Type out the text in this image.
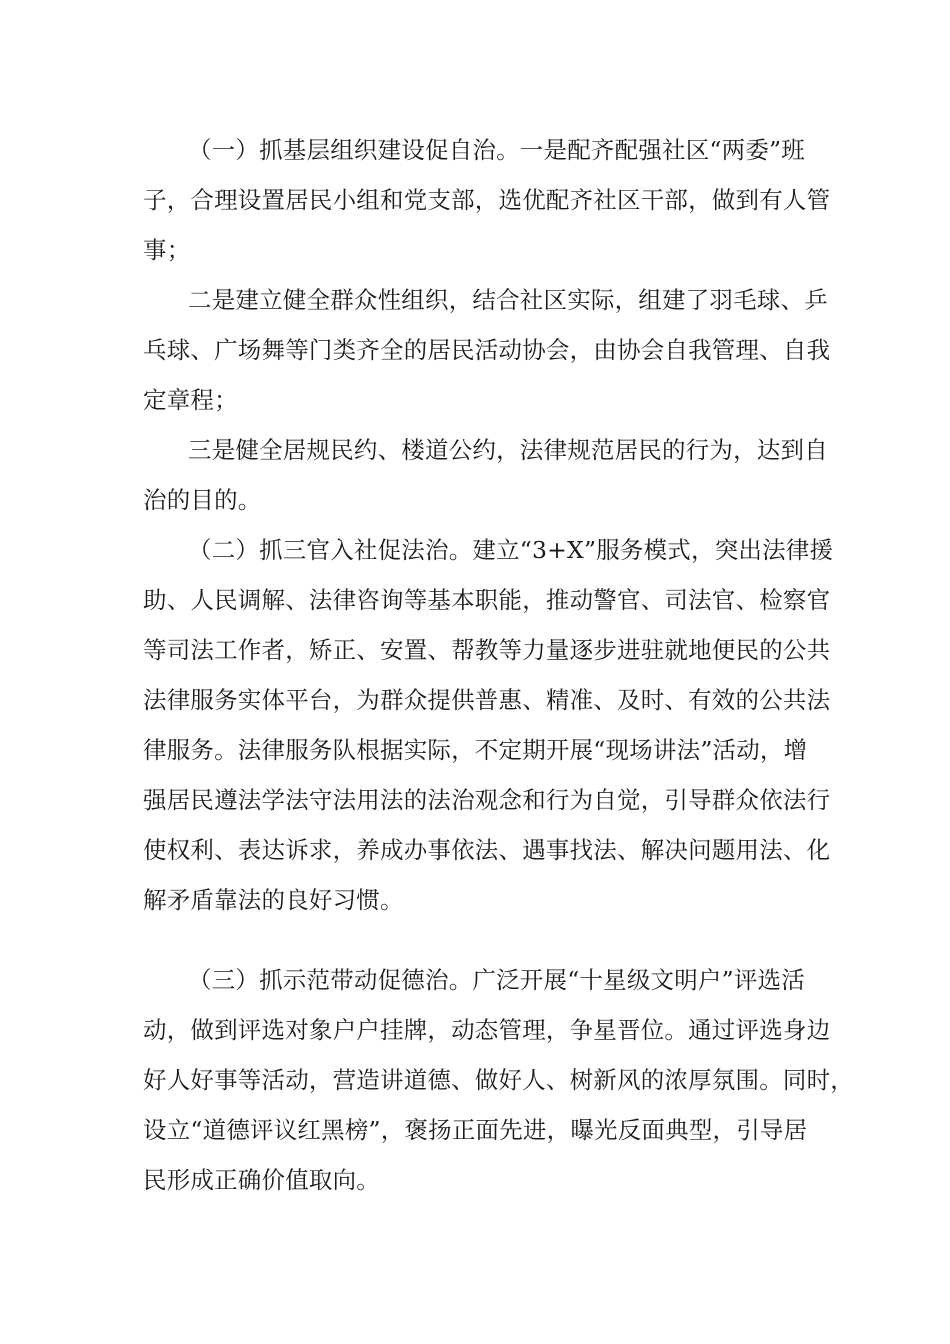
（一）抓基层组织建设促自治。一是配齐配强社区“两委”班
子，合理设置居民小组和党支部，选优配齐社区干部，做到有人管
事；
二是建立健全群众性组织，结合社区实际，组建了羽毛球、乒
乓球、广场舞等门类齐全的居民活动协会，由协会自我管理、自我
定章程；
三是健全居规民约、楼道公约，法律规范居民的行为，达到自
治的目的。
（二）抓三官入社促法治。建立“3+X”服务模式，突出法律援
助、人民调解、法律咨询等基本职能，推动警官、司法官、检察官
等司法工作者，矫正、安置、帮教等力量逐步进驻就地便民的公共
法律服务实体平台，为群众提供普惠、精准、及时、有效的公共法
律服务。法律服务队根据实际，不定期开展“现场讲法”活动，增
强居民遵法学法守法用法的法治观念和行为自觉，引导群众依法行
使权利、表达诉求，养成办事依法、遇事找法、解决问题用法、化
解矛盾靠法的良好习惯。
（三）抓示范带动促德治。广泛开展“十星级文明户”评选活
动，做到评选对象户户挂牌，动态管理，争星晋位。通过评选身边
好人好事等活动，营造讲道德、做好人、树新风的浓厚氛围。同时，
设立“道德评议红黑榜”，褒扬正面先进，曝光反面典型，引导居
民形成正确价值取向。
